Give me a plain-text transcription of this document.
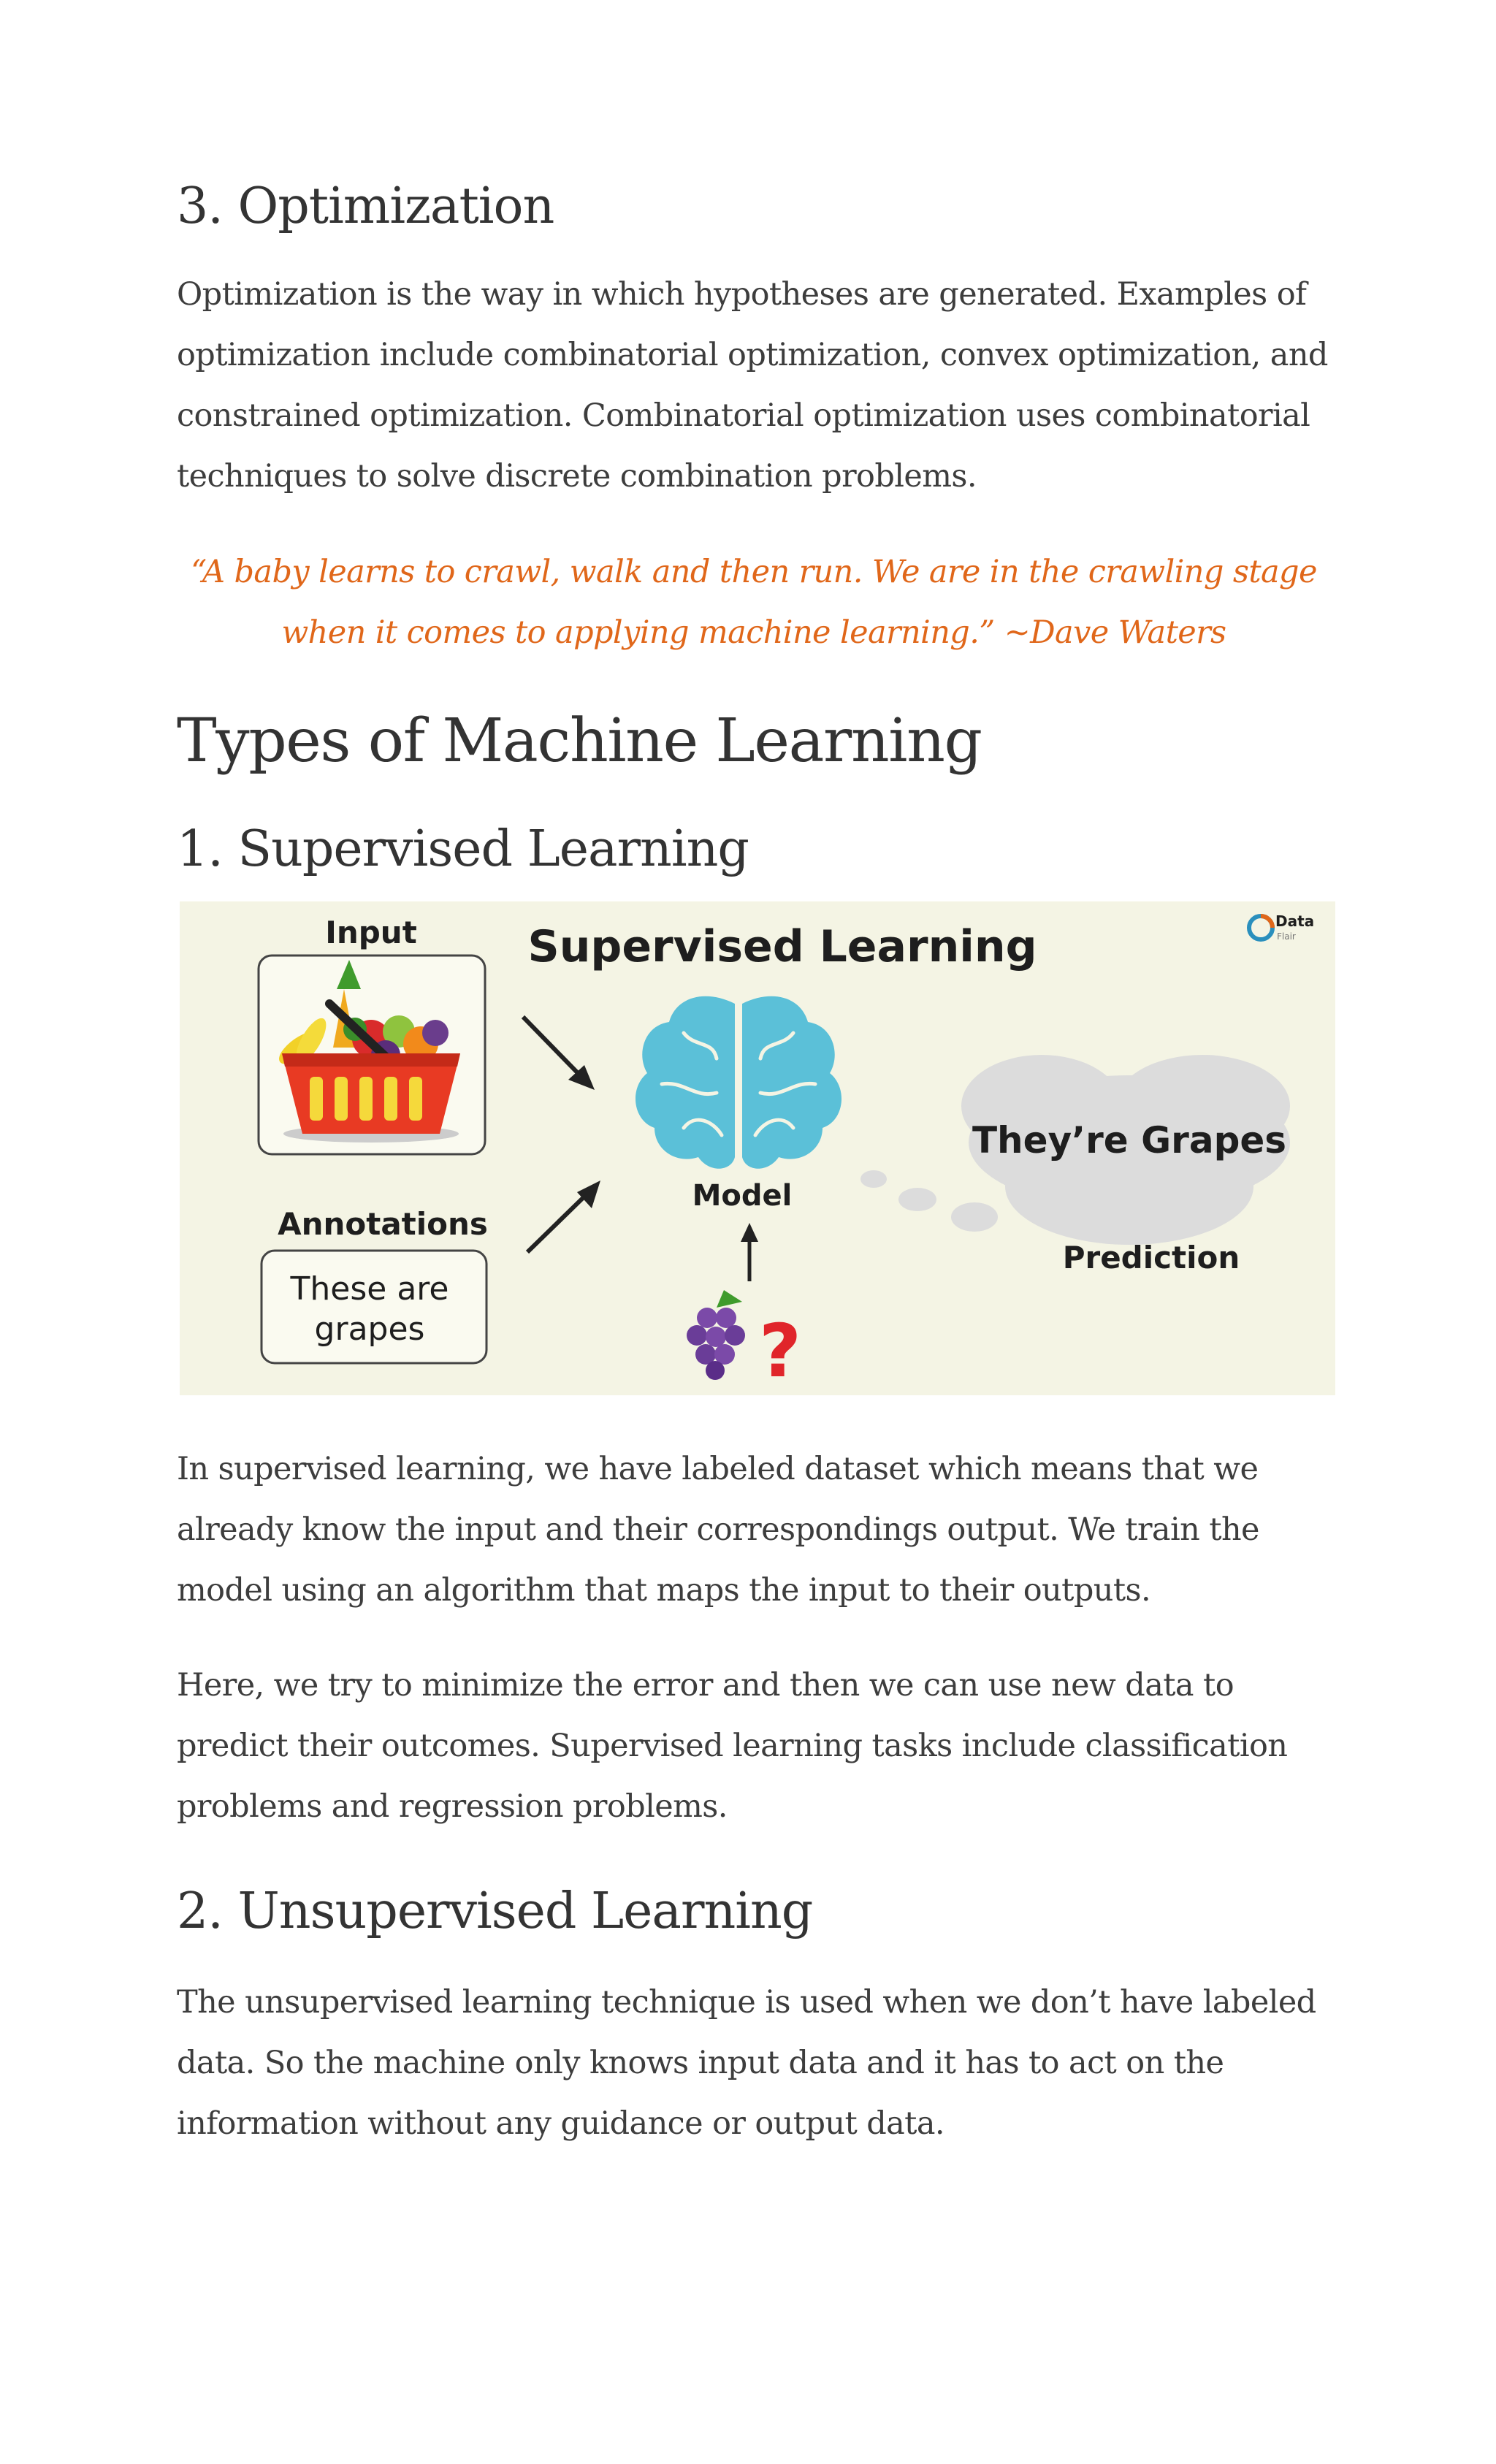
3. Optimization

Optimization is the way in which hypotheses are generated. Examples of optimization include combinatorial optimization, convex optimization, and constrained optimization. Combinatorial optimization uses combinatorial techniques to solve discrete combination problems.

“A baby learns to crawl, walk and then run. We are in the crawling stage when it comes to applying machine learning.” ~Dave Waters

Types of Machine Learning
1. Supervised Learning
Supervised Learning	Data
Flair
Input
Annotations
These are
grapes
Model
?
They’re Grapes
Prediction

In supervised learning, we have labeled dataset which means that we already know the input and their correspondings output. We train the model using an algorithm that maps the input to their outputs.

Here, we try to minimize the error and then we can use new data to predict their outcomes. Supervised learning tasks include classification problems and regression problems.

2. Unsupervised Learning

The unsupervised learning technique is used when we don’t have labeled data. So the machine only knows input data and it has to act on the information without any guidance or output data.
